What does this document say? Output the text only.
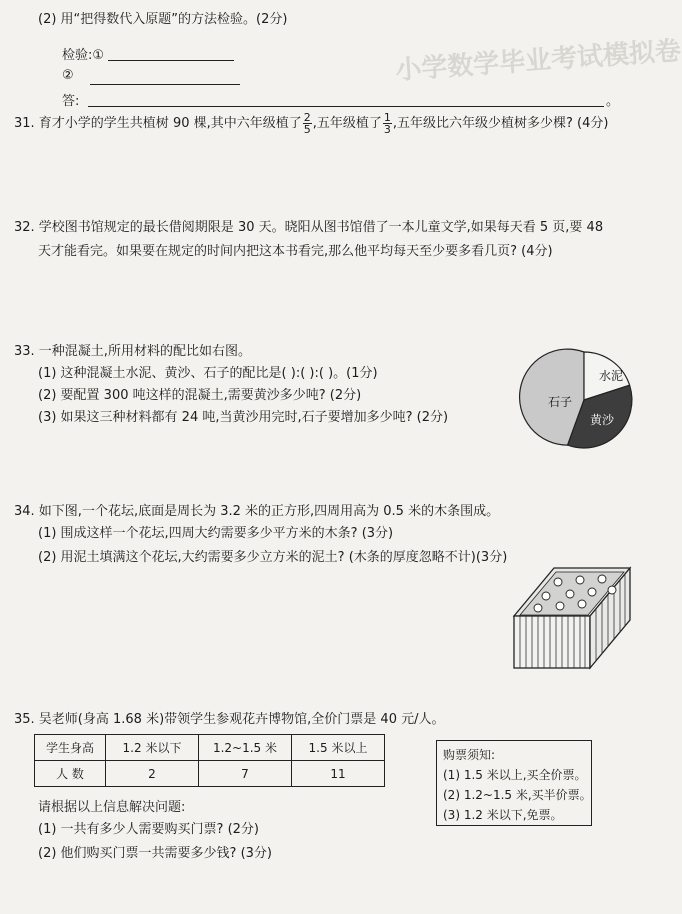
小学数学毕业考试模拟卷
(2) 用“把得数代入原题”的方法检验。(2分)
检验:①
②
答:	。
31. 育才小学的学生共植树 90 棵,其中六年级植了 $\frac{2}{5}$ ,五年级植了 $\frac{1}{3}$ ,五年级比六年级少植树多少棵? (4分)
32. 学校图书馆规定的最长借阅期限是 30 天。晓阳从图书馆借了一本儿童文学,如果每天看 5 页,要 48
天才能看完。如果要在规定的时间内把这本书看完,那么他平均每天至少要多看几页? (4分)
33. 一种混凝土,所用材料的配比如右图。
(1) 这种混凝土水泥、黄沙、石子的配比是( ):( ):( )。(1分)
(2) 要配置 300 吨这样的混凝土,需要黄沙多少吨? (2分)
(3) 如果这三种材料都有 24 吨,当黄沙用完时,石子要增加多少吨? (2分)
水泥
石子
黄沙
34. 如下图,一个花坛,底面是周长为 3.2 米的正方形,四周用高为 0.5 米的木条围成。
(1) 围成这样一个花坛,四周大约需要多少平方米的木条? (3分)
(2) 用泥土填满这个花坛,大约需要多少立方米的泥土? (木条的厚度忽略不计)(3分)
35. 吴老师(身高 1.68 米)带领学生参观花卉博物馆,全价门票是 40 元/人。
学生身高	1.2 米以下	1.2~1.5 米	1.5 米以上
人 数	2	7	11
购票须知:
(1) 1.5 米以上,买全价票。
(2) 1.2~1.5 米,买半价票。
(3) 1.2 米以下,免票。
请根据以上信息解决问题:
(1) 一共有多少人需要购买门票? (2分)
(2) 他们购买门票一共需要多少钱? (3分)
